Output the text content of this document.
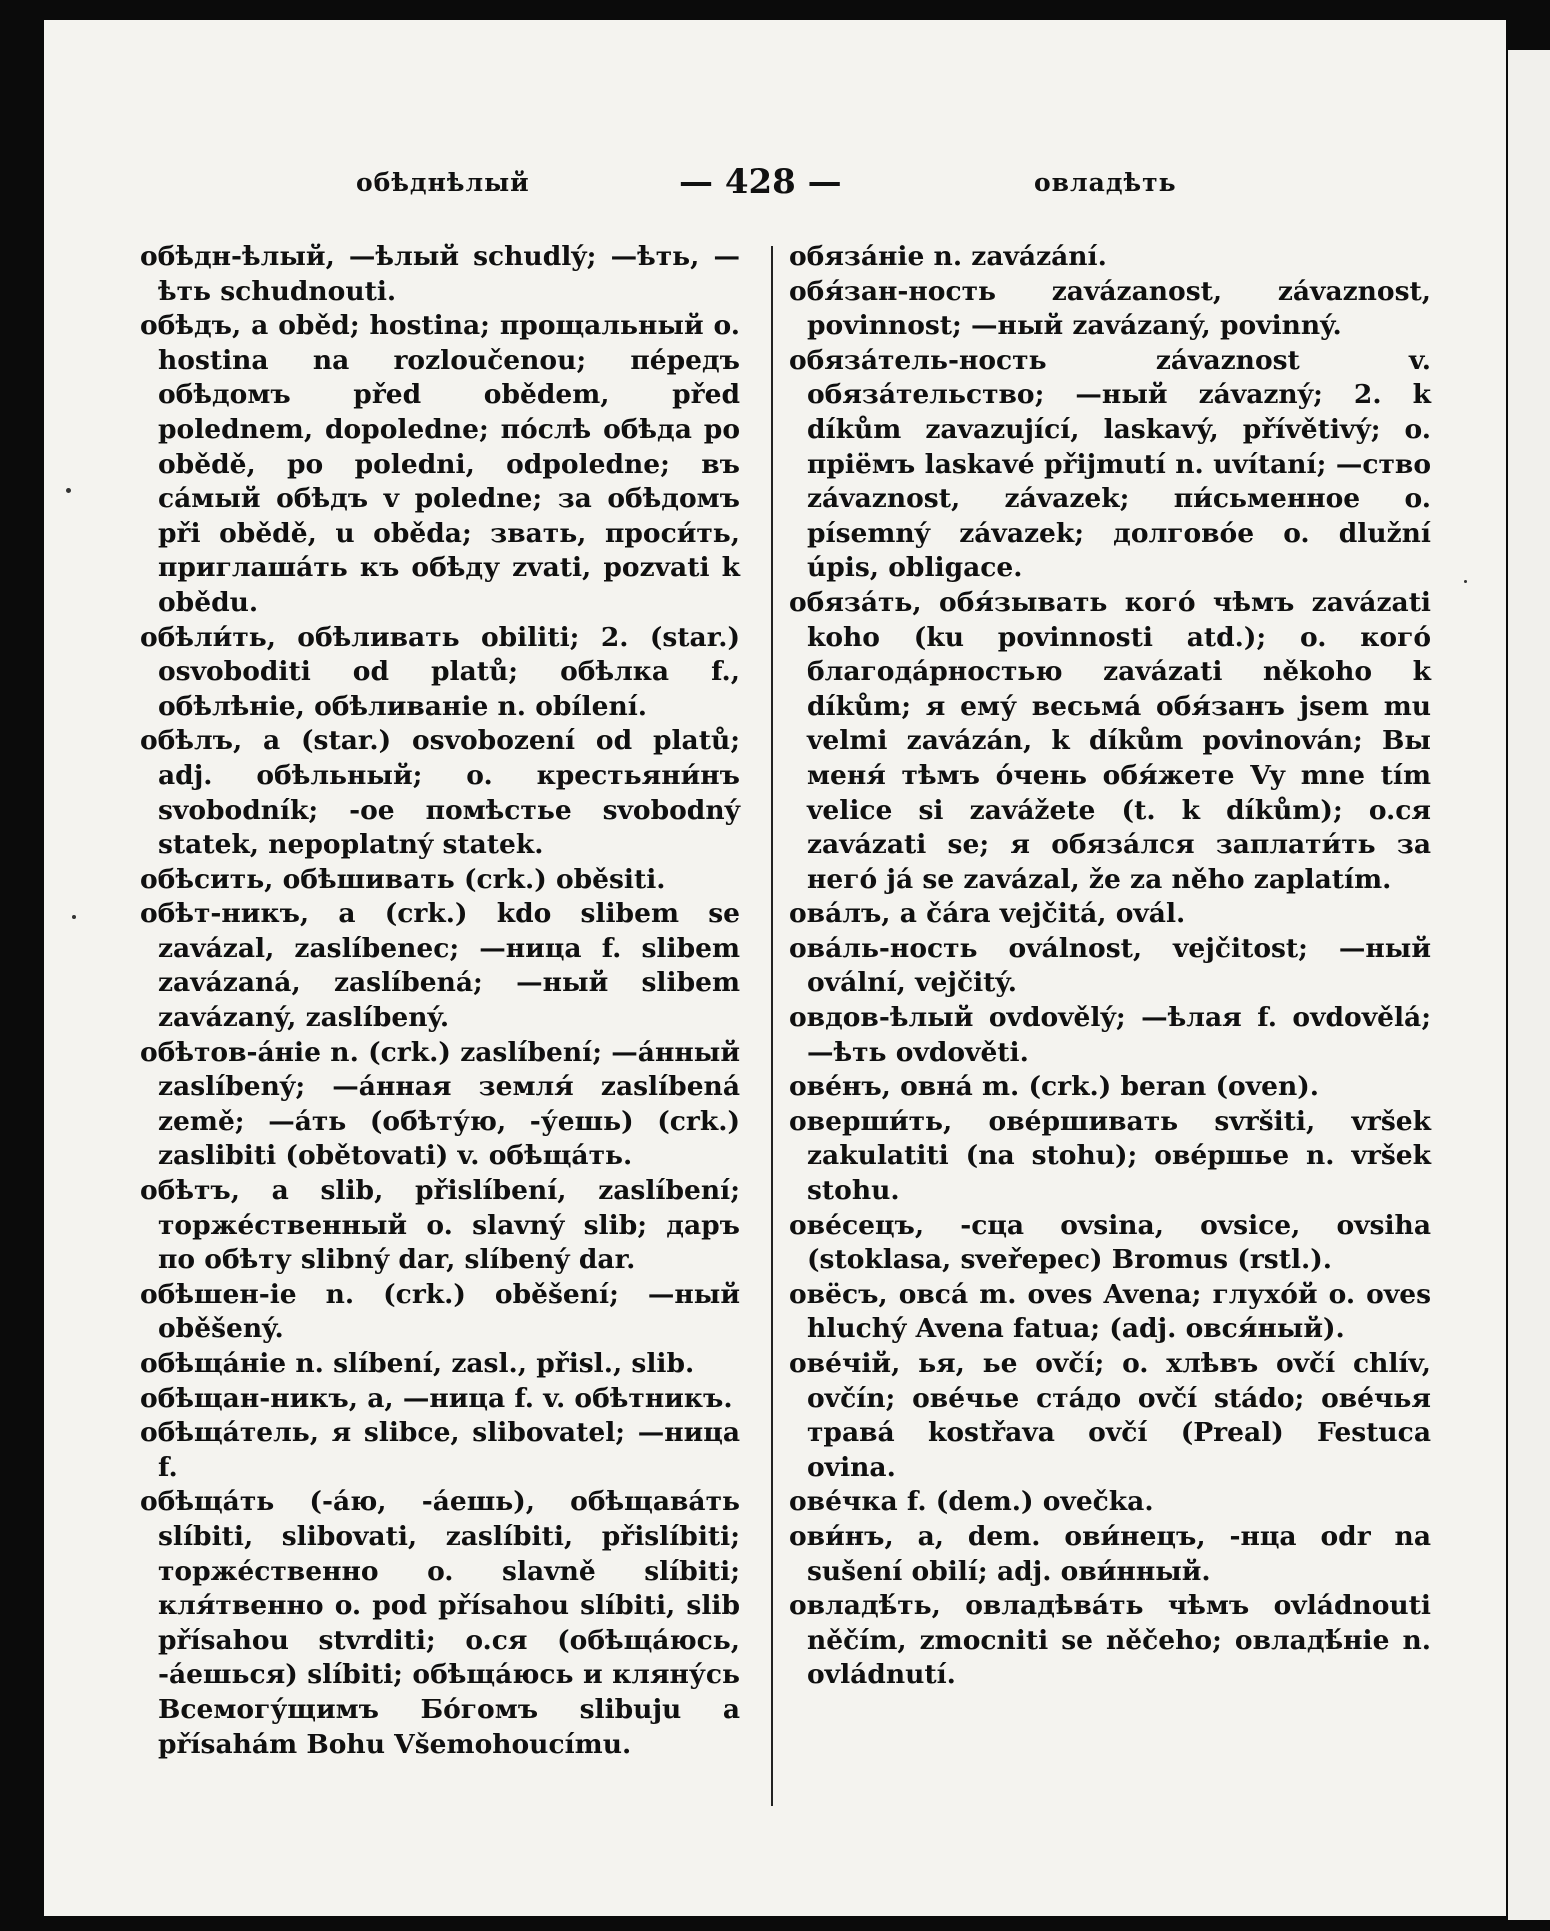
обѣднѣлый	— 428 —	овладѣть
обѣдн-ѣлый, —ѣлый schudlý; —ѣть, —ѣть schudnouti.
обѣдъ, a oběd; hostina; прощальный o. hostina na rozloučenou; пе́редъ обѣдомъ před obědem, před polednem, dopoledne; по́слѣ обѣда po obědě, po poledni, odpoledne; въ са́мый обѣдъ v poledne; за обѣдомъ při obědě, u oběda; звать, проси́ть, приглаша́ть къ обѣду zvati, pozvati k obědu.
обѣли́ть, обѣливать obiliti; 2. (star.) osvoboditi od platů; обѣлка f., обѣлѣніе, обѣливаніе n. obílení.
обѣлъ, a (star.) osvobození od platů; adj. обѣльный; o. крестьяни́нъ svobodník; -ое помѣстье svobodný statek, nepoplatný statek.
обѣсить, обѣшивать (crk.) oběsiti.
обѣт-никъ, a (crk.) kdo slibem se zavázal, zaslíbenec; —ница f. slibem zavázaná, zaslíbená; —ный slibem zavázaný, zaslíbený.
обѣтов-а́ніе n. (crk.) zaslíbení; —а́нный zaslíbený; —а́нная земля́ zaslíbená země; —а́ть (обѣту́ю, -у́ешь) (crk.) zaslibiti (obětovati) v. обѣща́ть.
обѣтъ, a slib, přislíbení, zaslíbení; торже́ственный o. slavný slib; даръ по обѣту slibný dar, slíbený dar.
обѣшен-іе n. (crk.) oběšení; —ный oběšený.
обѣща́ніе n. slíbení, zasl., přisl., slib.
обѣщан-никъ, a, —ница f. v. обѣтникъ.
обѣща́тель, я slibce, slibovatel; —ница f.
обѣща́ть (-а́ю, -а́ешь), обѣщава́ть slíbiti, slibovati, zaslíbiti, přislíbiti; торже́ственно o. slavně slíbiti; кля́твенно o. pod přísahou slíbiti, slib přísahou stvrditi; o.ся (обѣща́юсь, -а́ешься) slíbiti; обѣща́юсь и кляну́сь Всемогу́щимъ Бо́гомъ slibuju a přísahám Bohu Všemohoucímu.
обяза́ніе n. zavázání.
обя́зан-ность zavázanost, závaznost, povinnost; —ный zavázaný, povinný.
обяза́тель-ность závaznost v. обяза́тельство; —ный závazný; 2. k díkům zavazující, laskavý, přívětivý; o. пріёмъ laskavé přijmutí n. uvítaní; —ство závaznost, závazek; пи́сьменное o. písemný závazek; долгово́е o. dlužní úpis, obligace.
обяза́ть, обя́зывать кого́ чѣмъ zavázati koho (ku povinnosti atd.); o. кого́ благода́рностью zavázati někoho k díkům; я ему́ весьма́ обя́занъ jsem mu velmi zavázán, k díkům povinován; Вы меня́ тѣмъ о́чень обя́жете Vy mne tím velice si zavážete (t. k díkům); o.ся zavázati se; я обяза́лся заплати́ть за него́ já se zavázal, že za něho zaplatím.
ова́лъ, a čára vejčitá, ovál.
ова́ль-ность oválnost, vejčitost; —ный ovální, vejčitý.
овдов-ѣлый ovdovělý; —ѣлая f. ovdovělá; —ѣть ovdověti.
ове́нъ, овна́ m. (crk.) beran (oven).
оверши́ть, ове́ршивать svršiti, vršek zakulatiti (na stohu); ове́ршье n. vršek stohu.
ове́сецъ, -сца ovsina, ovsice, ovsiha (stoklasa, sveřepec) Bromus (rstl.).
овёсъ, овса́ m. oves Avena; глухо́й o. oves hluchý Avena fatua; (adj. овся́ный).
ове́чій, ья, ье ovčí; o. хлѣвъ ovčí chlív, ovčín; ове́чье ста́до ovčí stádo; ове́чья трава́ kostřava ovčí (Preal) Festuca ovina.
ове́чка f. (dem.) ovečka.
ови́нъ, a, dem. ови́нецъ, -нца odr na sušení obilí; adj. ови́нный.
овладѣ́ть, овладѣва́ть чѣмъ ovládnouti něčím, zmocniti se něčeho; овладѣ́ніе n. ovládnutí.
